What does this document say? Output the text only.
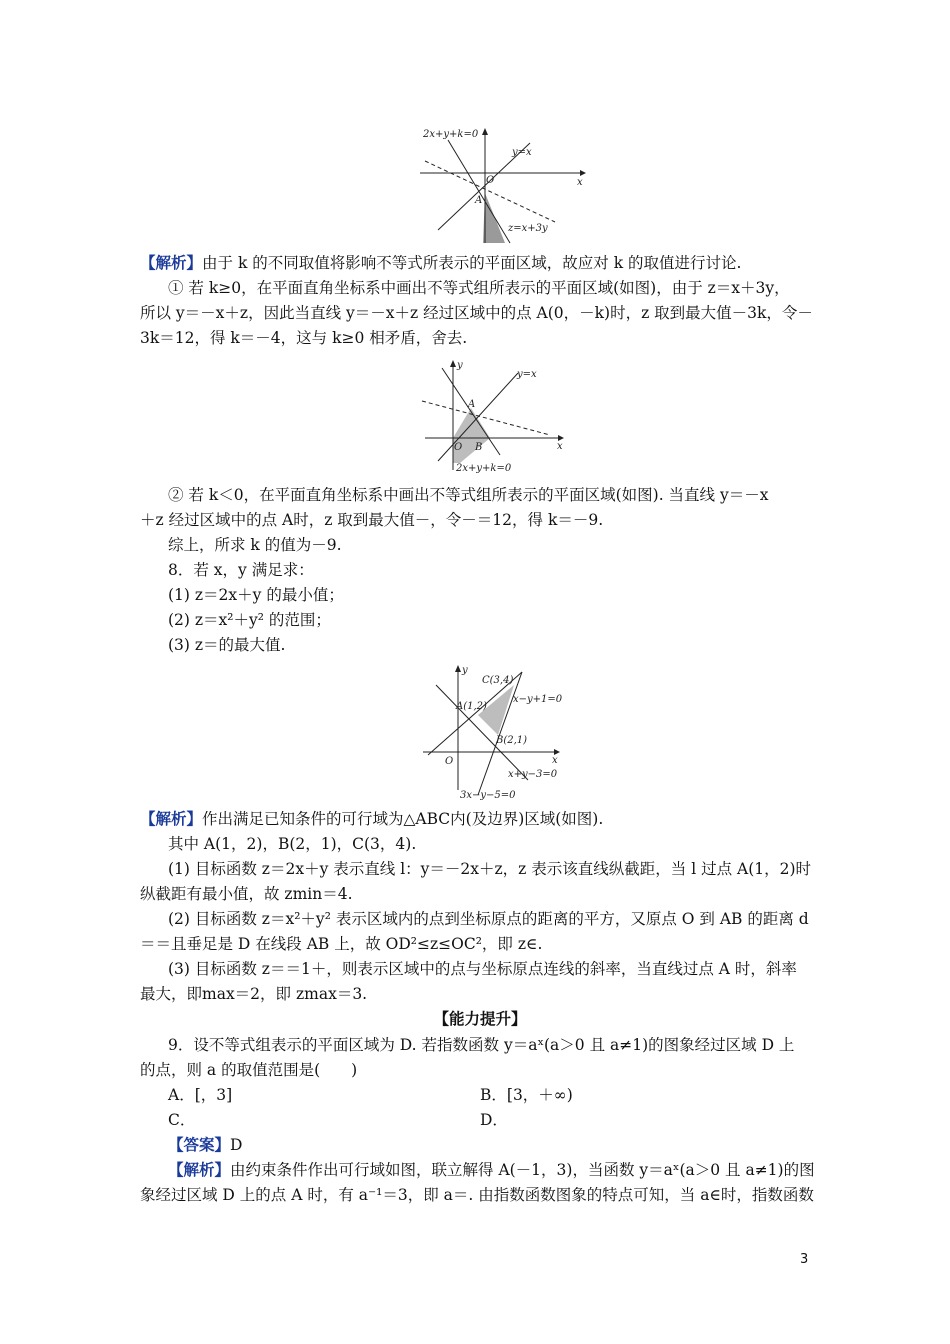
2x+y+k=0
y=x
O	x
A
z=x+3y
【解析】由于 k 的不同取值将影响不等式所表示的平面区域，故应对 k 的取值进行讨论.
① 若 k≥0，在平面直角坐标系中画出不等式组所表示的平面区域(如图)，由于 z＝x＋3y，
所以 y＝－x＋z，因此当直线 y＝－x＋z 经过区域中的点 A(0，－k)时，z 取到最大值－3k，令－
3k＝12，得 k＝－4，这与 k≥0 相矛盾，舍去.
y
y=x
A
O B	x
2x+y+k=0
② 若 k＜0，在平面直角坐标系中画出不等式组所表示的平面区域(如图). 当直线 y＝－x
＋z 经过区域中的点 A时，z 取到最大值－，令－＝12，得 k＝－9.
综上，所求 k 的值为－9.
8．若 x，y 满足求：
(1) z＝2x＋y 的最小值；
(2) z＝x²＋y² 的范围；
(3) z＝的最大值.
y
C(3,4)
x−y+1=0
A(1,2)
B(2,1)
x
O
x+y−3=0
3x−y−5=0
【解析】作出满足已知条件的可行域为△ABC内(及边界)区域(如图).
其中 A(1，2)，B(2，1)，C(3，4).
(1) 目标函数 z＝2x＋y 表示直线 l：y＝－2x＋z，z 表示该直线纵截距，当 l 过点 A(1，2)时
纵截距有最小值，故 zmin＝4.
(2) 目标函数 z＝x²＋y² 表示区域内的点到坐标原点的距离的平方，又原点 O 到 AB 的距离 d
＝＝且垂足是 D 在线段 AB 上，故 OD²≤z≤OC²，即 z∈.
(3) 目标函数 z＝＝1＋，则表示区域中的点与坐标原点连线的斜率，当直线过点 A 时，斜率
最大，即max＝2，即 zmax＝3.
【能力提升】
9．设不等式组表示的平面区域为 D. 若指数函数 y＝aˣ(a＞0 且 a≠1)的图象经过区域 D 上
的点，则 a 的取值范围是(　　)
A．[，3]	B．[3，＋∞)
C．	D．
【答案】D
【解析】由约束条件作出可行域如图，联立解得 A(－1，3)，当函数 y＝aˣ(a＞0 且 a≠1)的图
象经过区域 D 上的点 A 时，有 a⁻¹＝3，即 a＝. 由指数函数图象的特点可知，当 a∈时，指数函数
3
